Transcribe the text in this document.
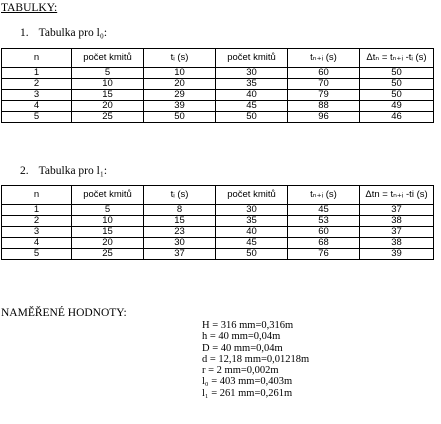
TABULKY:
1. Tabulka pro l₀:
n	počet kmitů	tᵢ (s)	počet kmitů	tₙ₊ᵢ (s)	Δtₙ = tₙ₊ᵢ -tᵢ (s)
1	5	10	30	60	50
2	10	20	35	70	50
3	15	29	40	79	50
4	20	39	45	88	49
5	25	50	50	96	46
2. Tabulka pro l₁:
n	počet kmitů	tᵢ (s)	počet kmitů	tₙ₊ᵢ (s)	Δtn = tₙ₊ᵢ -ti (s)
1	5	8	30	45	37
2	10	15	35	53	38
3	15	23	40	60	37
4	20	30	45	68	38
5	25	37	50	76	39
NAMĚŘENÉ HODNOTY:
H = 316 mm=0,316m
h = 40 mm=0,04m
D = 40 mm=0,04m
d = 12,18 mm=0,01218m
r = 2 mm=0,002m
l₀ = 403 mm=0,403m
l₁ = 261 mm=0,261m
